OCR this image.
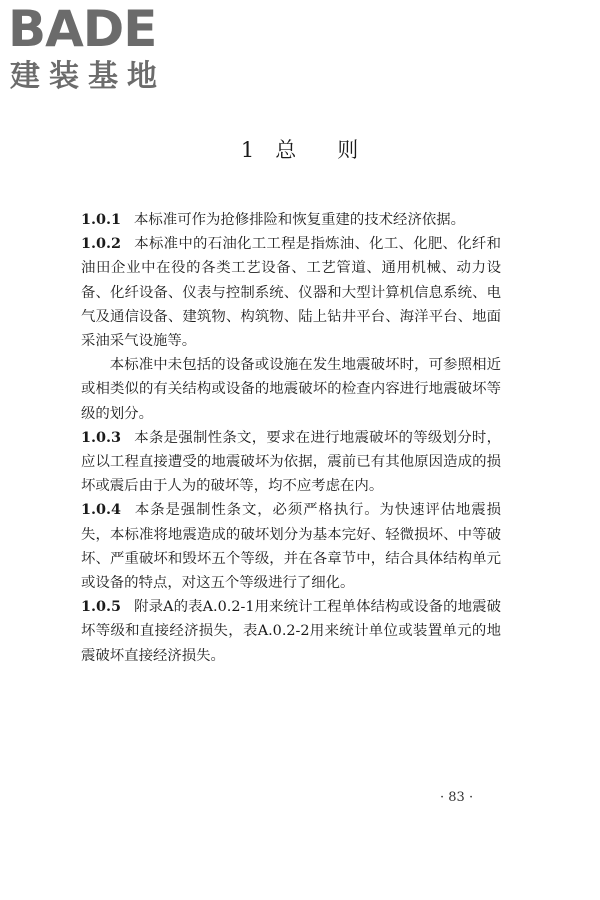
BADE
建装基地
1 总 则

1.0.1 本标准可作为抢修排险和恢复重建的技术经济依据。

1.0.2 本标准中的石油化工工程是指炼油、化工、化肥、化纤和油田企业中在役的各类工艺设备、工艺管道、通用机械、动力设备、化纤设备、仪表与控制系统、仪器和大型计算机信息系统、电气及通信设备、建筑物、构筑物、陆上钻井平台、海洋平台、地面采油采气设施等。

本标准中未包括的设备或设施在发生地震破坏时，可参照相近或相类似的有关结构或设备的地震破坏的检查内容进行地震破坏等级的划分。

1.0.3 本条是强制性条文，要求在进行地震破坏的等级划分时，应以工程直接遭受的地震破坏为依据，震前已有其他原因造成的损坏或震后由于人为的破坏等，均不应考虑在内。

1.0.4 本条是强制性条文，必须严格执行。为快速评估地震损失，本标准将地震造成的破坏划分为基本完好、轻微损坏、中等破坏、严重破坏和毁坏五个等级，并在各章节中，结合具体结构单元或设备的特点，对这五个等级进行了细化。

1.0.5 附录A的表A.0.2-1用来统计工程单体结构或设备的地震破坏等级和直接经济损失，表A.0.2-2用来统计单位或装置单元的地震破坏直接经济损失。

· 83 ·
